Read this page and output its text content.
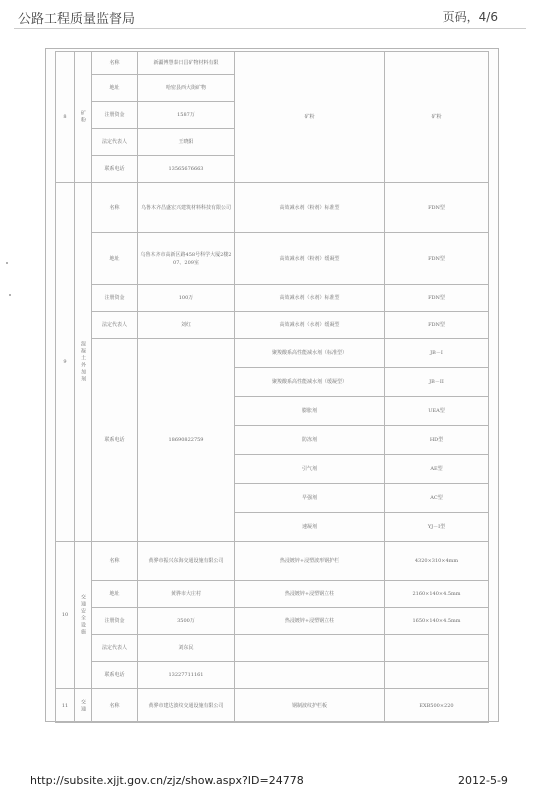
公路工程质量监督局	页码，4/6
8	矿粉	名称	新疆博慧泰日昌矿物材料有限	矿粉	矿粉
		地址	哈密县西大街矿物		
		注册资金	1587万		
		法定代表人	王晓阳		
		联系电话	13565676663		
9	混凝土外加剂	名称	乌鲁木齐昌盛宏兴建筑材料科技有限公司	高效减水剂（粉剂）标准型	FDN型
		地址	乌鲁木齐市高新区路458号科学大厦2楼207、209室	高效减水剂（粉剂）缓凝型	FDN型
		注册资金	100万	高效减水剂（水剂）标准型	FDN型
		法定代表人	刘红	高效减水剂（水剂）缓凝型	FDN型
		联系电话	18690822759	聚羧酸系高性能减水剂（标准型）	JB－I
				聚羧酸系高性能减水剂（缓凝型）	JB－II
				膨胀剂	UEA型
				防冻剂	HD型
				引气剂	AE型
				早强剂	AC型
				速凝剂	YJ－Ⅰ型
10	交通安全设施	名称	黄骅市振兴东海交通设施有限公司	热浸镀锌+浸塑波形钢护栏	4320×310×4mm
		地址	黄骅市大庄村	热浸镀锌+浸塑钢立柱	2160×140×4.5mm
		注册资金	3500万	热浸镀锌+浸塑钢立柱	1650×140×4.5mm
		法定代表人	刘东民		
		联系电话	13227711161		
11	交通	名称	黄骅市建达波纹交通设施有限公司	钢制波纹护栏板	EXB500×220
http://subsite.xjjt.gov.cn/zjz/show.aspx?ID=24778	2012-5-9
